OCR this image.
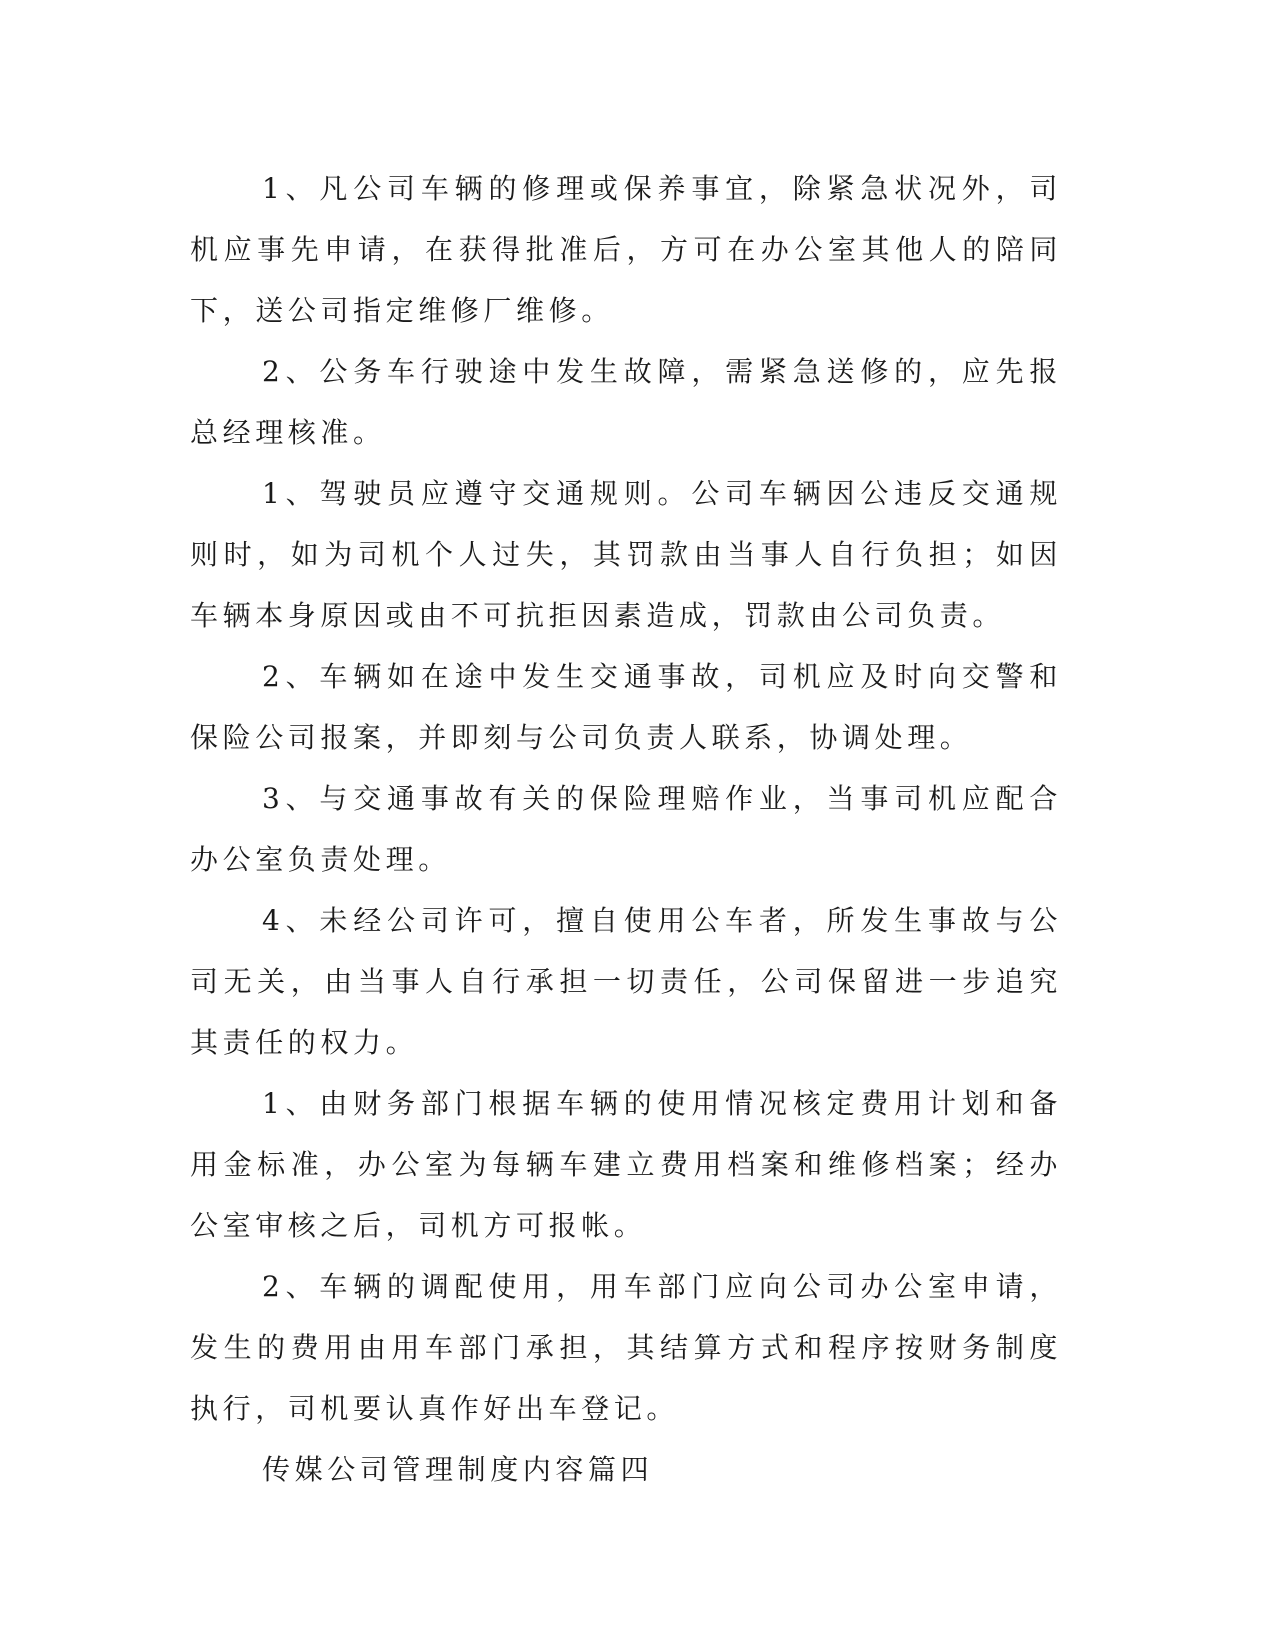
1、凡公司车辆的修理或保养事宜，除紧急状况外，司机应事先申请，在获得批准后，方可在办公室其他人的陪同下，送公司指定维修厂维修。

2、公务车行驶途中发生故障，需紧急送修的，应先报总经理核准。

1、驾驶员应遵守交通规则。公司车辆因公违反交通规则时，如为司机个人过失，其罚款由当事人自行负担；如因车辆本身原因或由不可抗拒因素造成，罚款由公司负责。

2、车辆如在途中发生交通事故，司机应及时向交警和保险公司报案，并即刻与公司负责人联系，协调处理。

3、与交通事故有关的保险理赔作业，当事司机应配合办公室负责处理。

4、未经公司许可，擅自使用公车者，所发生事故与公司无关，由当事人自行承担一切责任，公司保留进一步追究其责任的权力。

1、由财务部门根据车辆的使用情况核定费用计划和备用金标准，办公室为每辆车建立费用档案和维修档案；经办公室审核之后，司机方可报帐。

2、车辆的调配使用，用车部门应向公司办公室申请，发生的费用由用车部门承担，其结算方式和程序按财务制度执行，司机要认真作好出车登记。

传媒公司管理制度内容篇四
